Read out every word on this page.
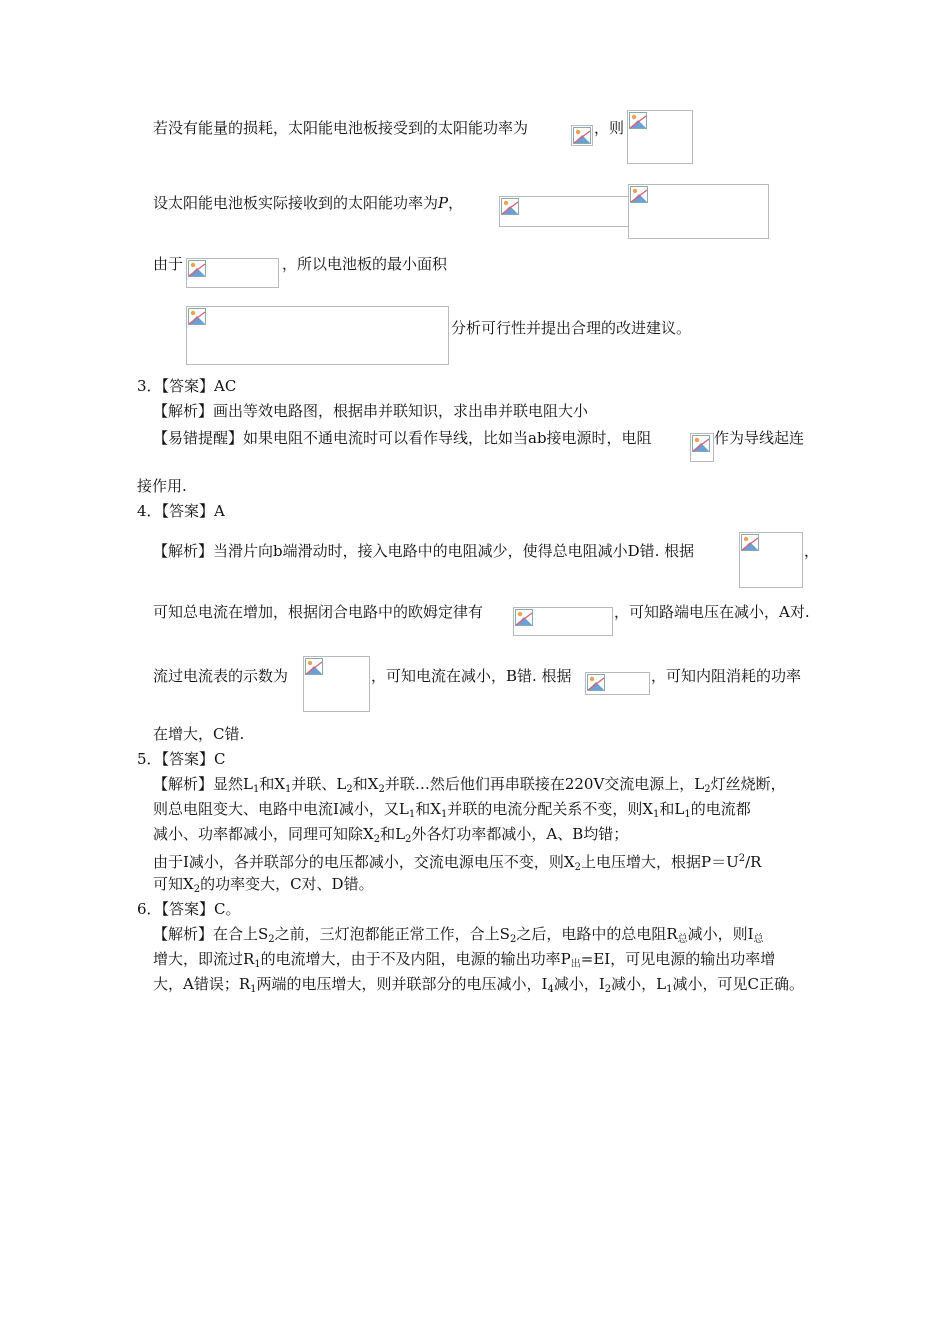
若没有能量的损耗，太阳能电池板接受到的太阳能功率为	，则
设太阳能电池板实际接收到的太阳能功率为P，
由于	，所以电池板的最小面积
分析可行性并提出合理的改进建议。
3．【答案】AC
【解析】画出等效电路图，根据串并联知识，求出串并联电阻大小
【易错提醒】如果电阻不通电流时可以看作导线，比如当ab接电源时，电阻	作为导线起连
接作用.
4．【答案】A
【解析】当滑片向b端滑动时，接入电路中的电阻减少，使得总电阻减小D错. 根据	，
可知总电流在增加，根据闭合电路中的欧姆定律有	，可知路端电压在减小，A对.
流过电流表的示数为	，可知电流在减小，B错. 根据	，可知内阻消耗的功率
在增大，C错.
5．【答案】C
【解析】显然$L_1$和$X_1$并联、$L_2$和$X_2$并联…然后他们再串联接在220V交流电源上，$L_2$灯丝烧断，
则总电阻变大、电路中电流I减小，又$L_1$和$X_1$并联的电流分配关系不变，则$X_1$和$L_1$的电流都
减小、功率都减小，同理可知除$X_2$和$L_2$外各灯功率都减小，A、B均错；
由于I减小，各并联部分的电压都减小，交流电源电压不变，则$X_2$上电压增大，根据$P=U^2/R$
可知$X_2$的功率变大，C对、D错。
6．【答案】C。
【解析】在合上$S_2$之前，三灯泡都能正常工作，合上$S_2$之后，电路中的总电阻$R_总$减小，则$I_总$
增大，即流过$R_1$的电流增大，由于不及内阻，电源的输出功率$P_出=EI$，可见电源的输出功率增
大，A错误；$R_1$两端的电压增大，则并联部分的电压减小，$I_4$减小，$I_2$减小，$L_1$减小，可见C正确。
